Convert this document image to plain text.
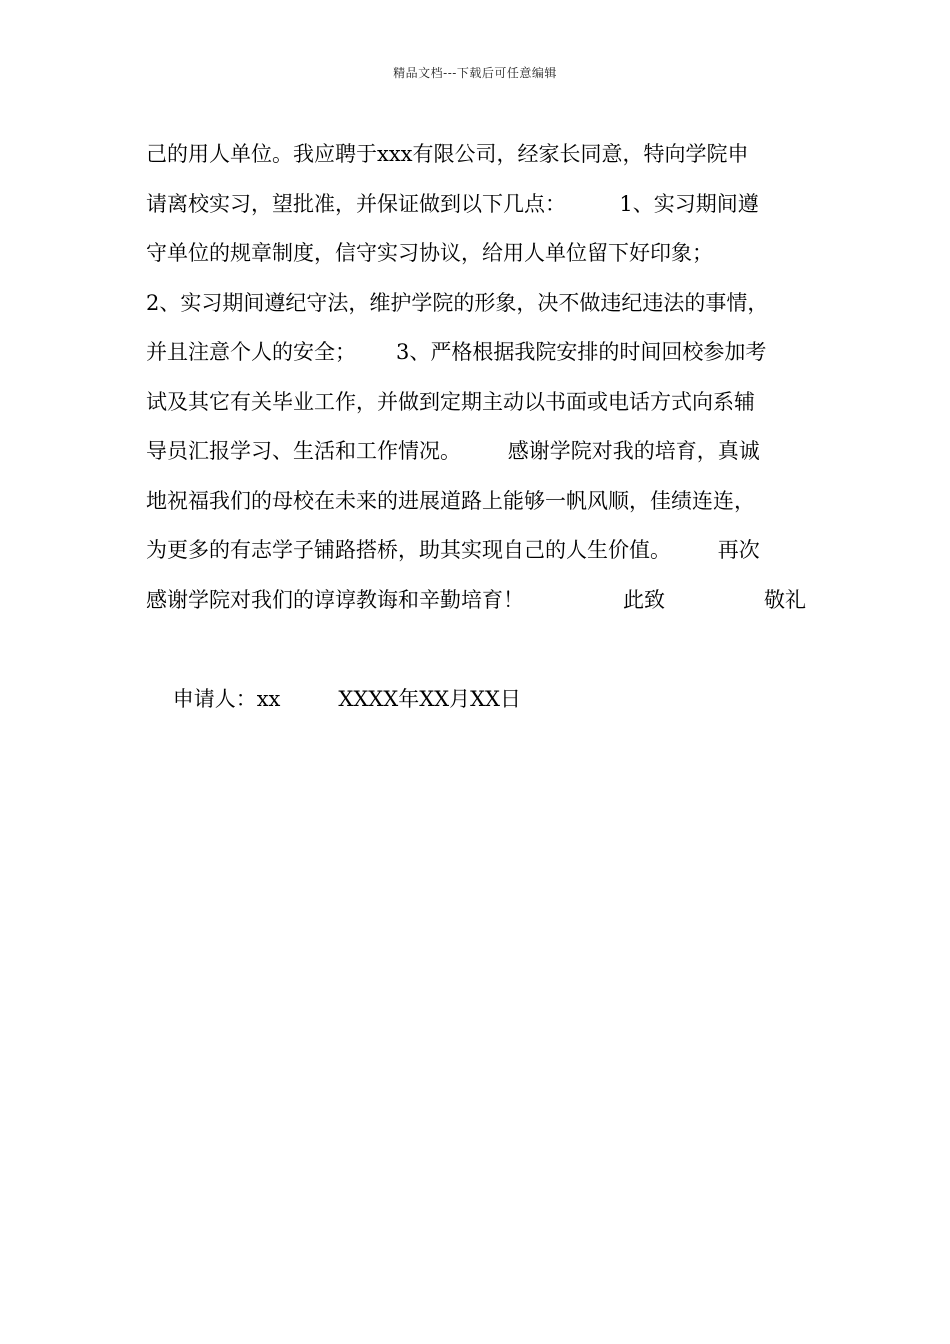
精品文档---下载后可任意编辑
己的用人单位。我应聘于xxx有限公司，经家长同意，特向学院申
请离校实习，望批准，并保证做到以下几点：        1、实习期间遵
守单位的规章制度，信守实习协议，给用人单位留下好印象；
2、实习期间遵纪守法，维护学院的形象，决不做违纪违法的事情，
并且注意个人的安全；      3、严格根据我院安排的时间回校参加考
试及其它有关毕业工作，并做到定期主动以书面或电话方式向系辅
导员汇报学习、生活和工作情况。       感谢学院对我的培育，真诚
地祝福我们的母校在未来的进展道路上能够一帆风顺，佳绩连连，
为更多的有志学子铺路搭桥，助其实现自己的人生价值。       再次
感谢学院对我们的谆谆教诲和辛勤培育！	此致	敬礼

申请人：xx	XXXX年XX月XX日
